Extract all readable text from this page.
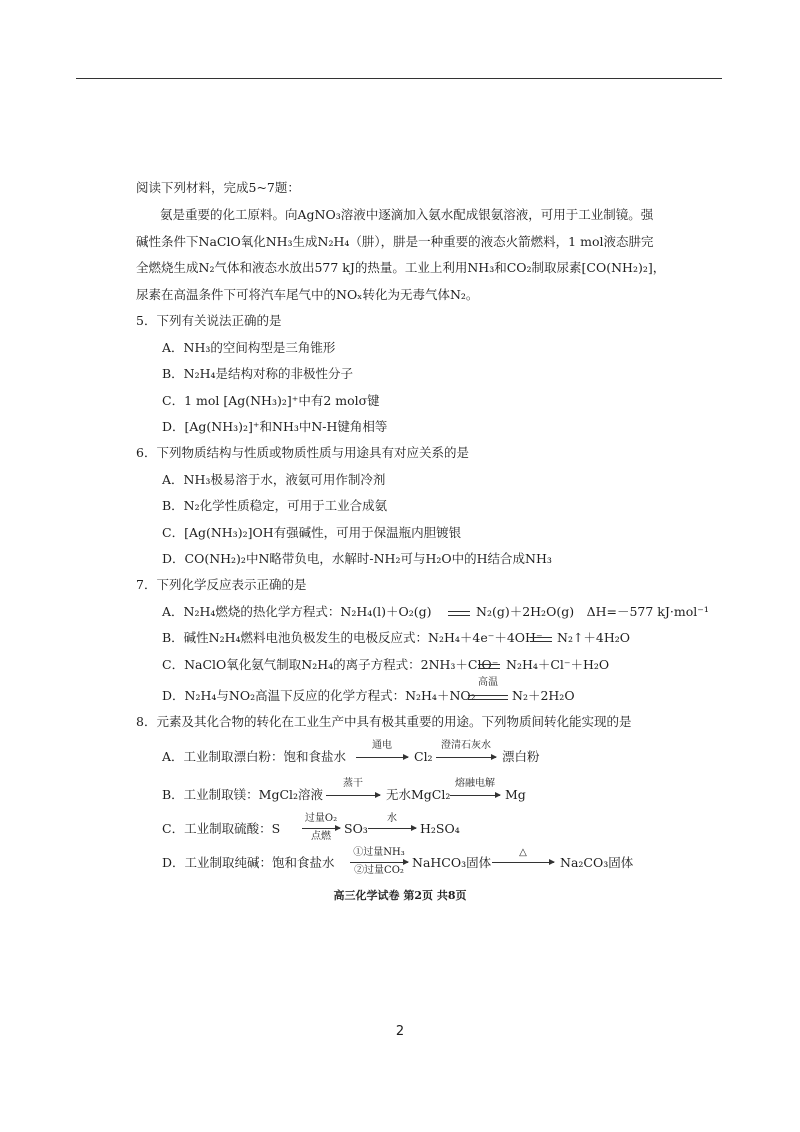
阅读下列材料，完成5~7题：
氨是重要的化工原料。向AgNO₃溶液中逐滴加入氨水配成银氨溶液，可用于工业制镜。强
碱性条件下NaClO氧化NH₃生成N₂H₄（肼），肼是一种重要的液态火箭燃料，1 mol液态肼完
全燃烧生成N₂气体和液态水放出577 kJ的热量。工业上利用NH₃和CO₂制取尿素[CO(NH₂)₂]，
尿素在高温条件下可将汽车尾气中的NOₓ转化为无毒气体N₂。
5．下列有关说法正确的是
A．NH₃的空间构型是三角锥形
B．N₂H₄是结构对称的非极性分子
C．1 mol [Ag(NH₃)₂]⁺中有2 molσ键
D．[Ag(NH₃)₂]⁺和NH₃中N-H键角相等
6．下列物质结构与性质或物质性质与用途具有对应关系的是
A．NH₃极易溶于水，液氨可用作制冷剂
B．N₂化学性质稳定，可用于工业合成氨
C．[Ag(NH₃)₂]OH有强碱性，可用于保温瓶内胆镀银
D．CO(NH₂)₂中N略带负电，水解时-NH₂可与H₂O中的H结合成NH₃
7．下列化学反应表示正确的是
A．N₂H₄燃烧的热化学方程式：N₂H₄(l)＋O₂(g)	N₂(g)＋2H₂O(g)　ΔH=－577 kJ·mol⁻¹
B．碱性N₂H₄燃料电池负极发生的电极反应式：N₂H₄＋4e⁻＋4OH⁻ N₂↑＋4H₂O
C．NaClO氧化氨气制取N₂H₄的离子方程式：2NH₃＋ClO⁻ N₂H₄＋Cl⁻＋H₂O
D．N₂H₄与NO₂高温下反应的化学方程式：N₂H₄＋NO₂
高温
N₂＋2H₂O
8．元素及其化合物的转化在工业生产中具有极其重要的用途。下列物质间转化能实现的是
A．工业制取漂白粉：饱和食盐水
通电
→ Cl₂
澄清石灰水
→ 漂白粉
B．工业制取镁：MgCl₂溶液
蒸干
→ 无水MgCl₂
熔融电解
→ Mg
C．工业制取硫酸：S
过量O₂
点燃
SO₃
水
→ H₂SO₄
D．工业制取纯碱：饱和食盐水
①过量NH₃
②过量CO₂
NaHCO₃固体
△
→ Na₂CO₃固体
高三化学试卷 第2页 共8页
2
